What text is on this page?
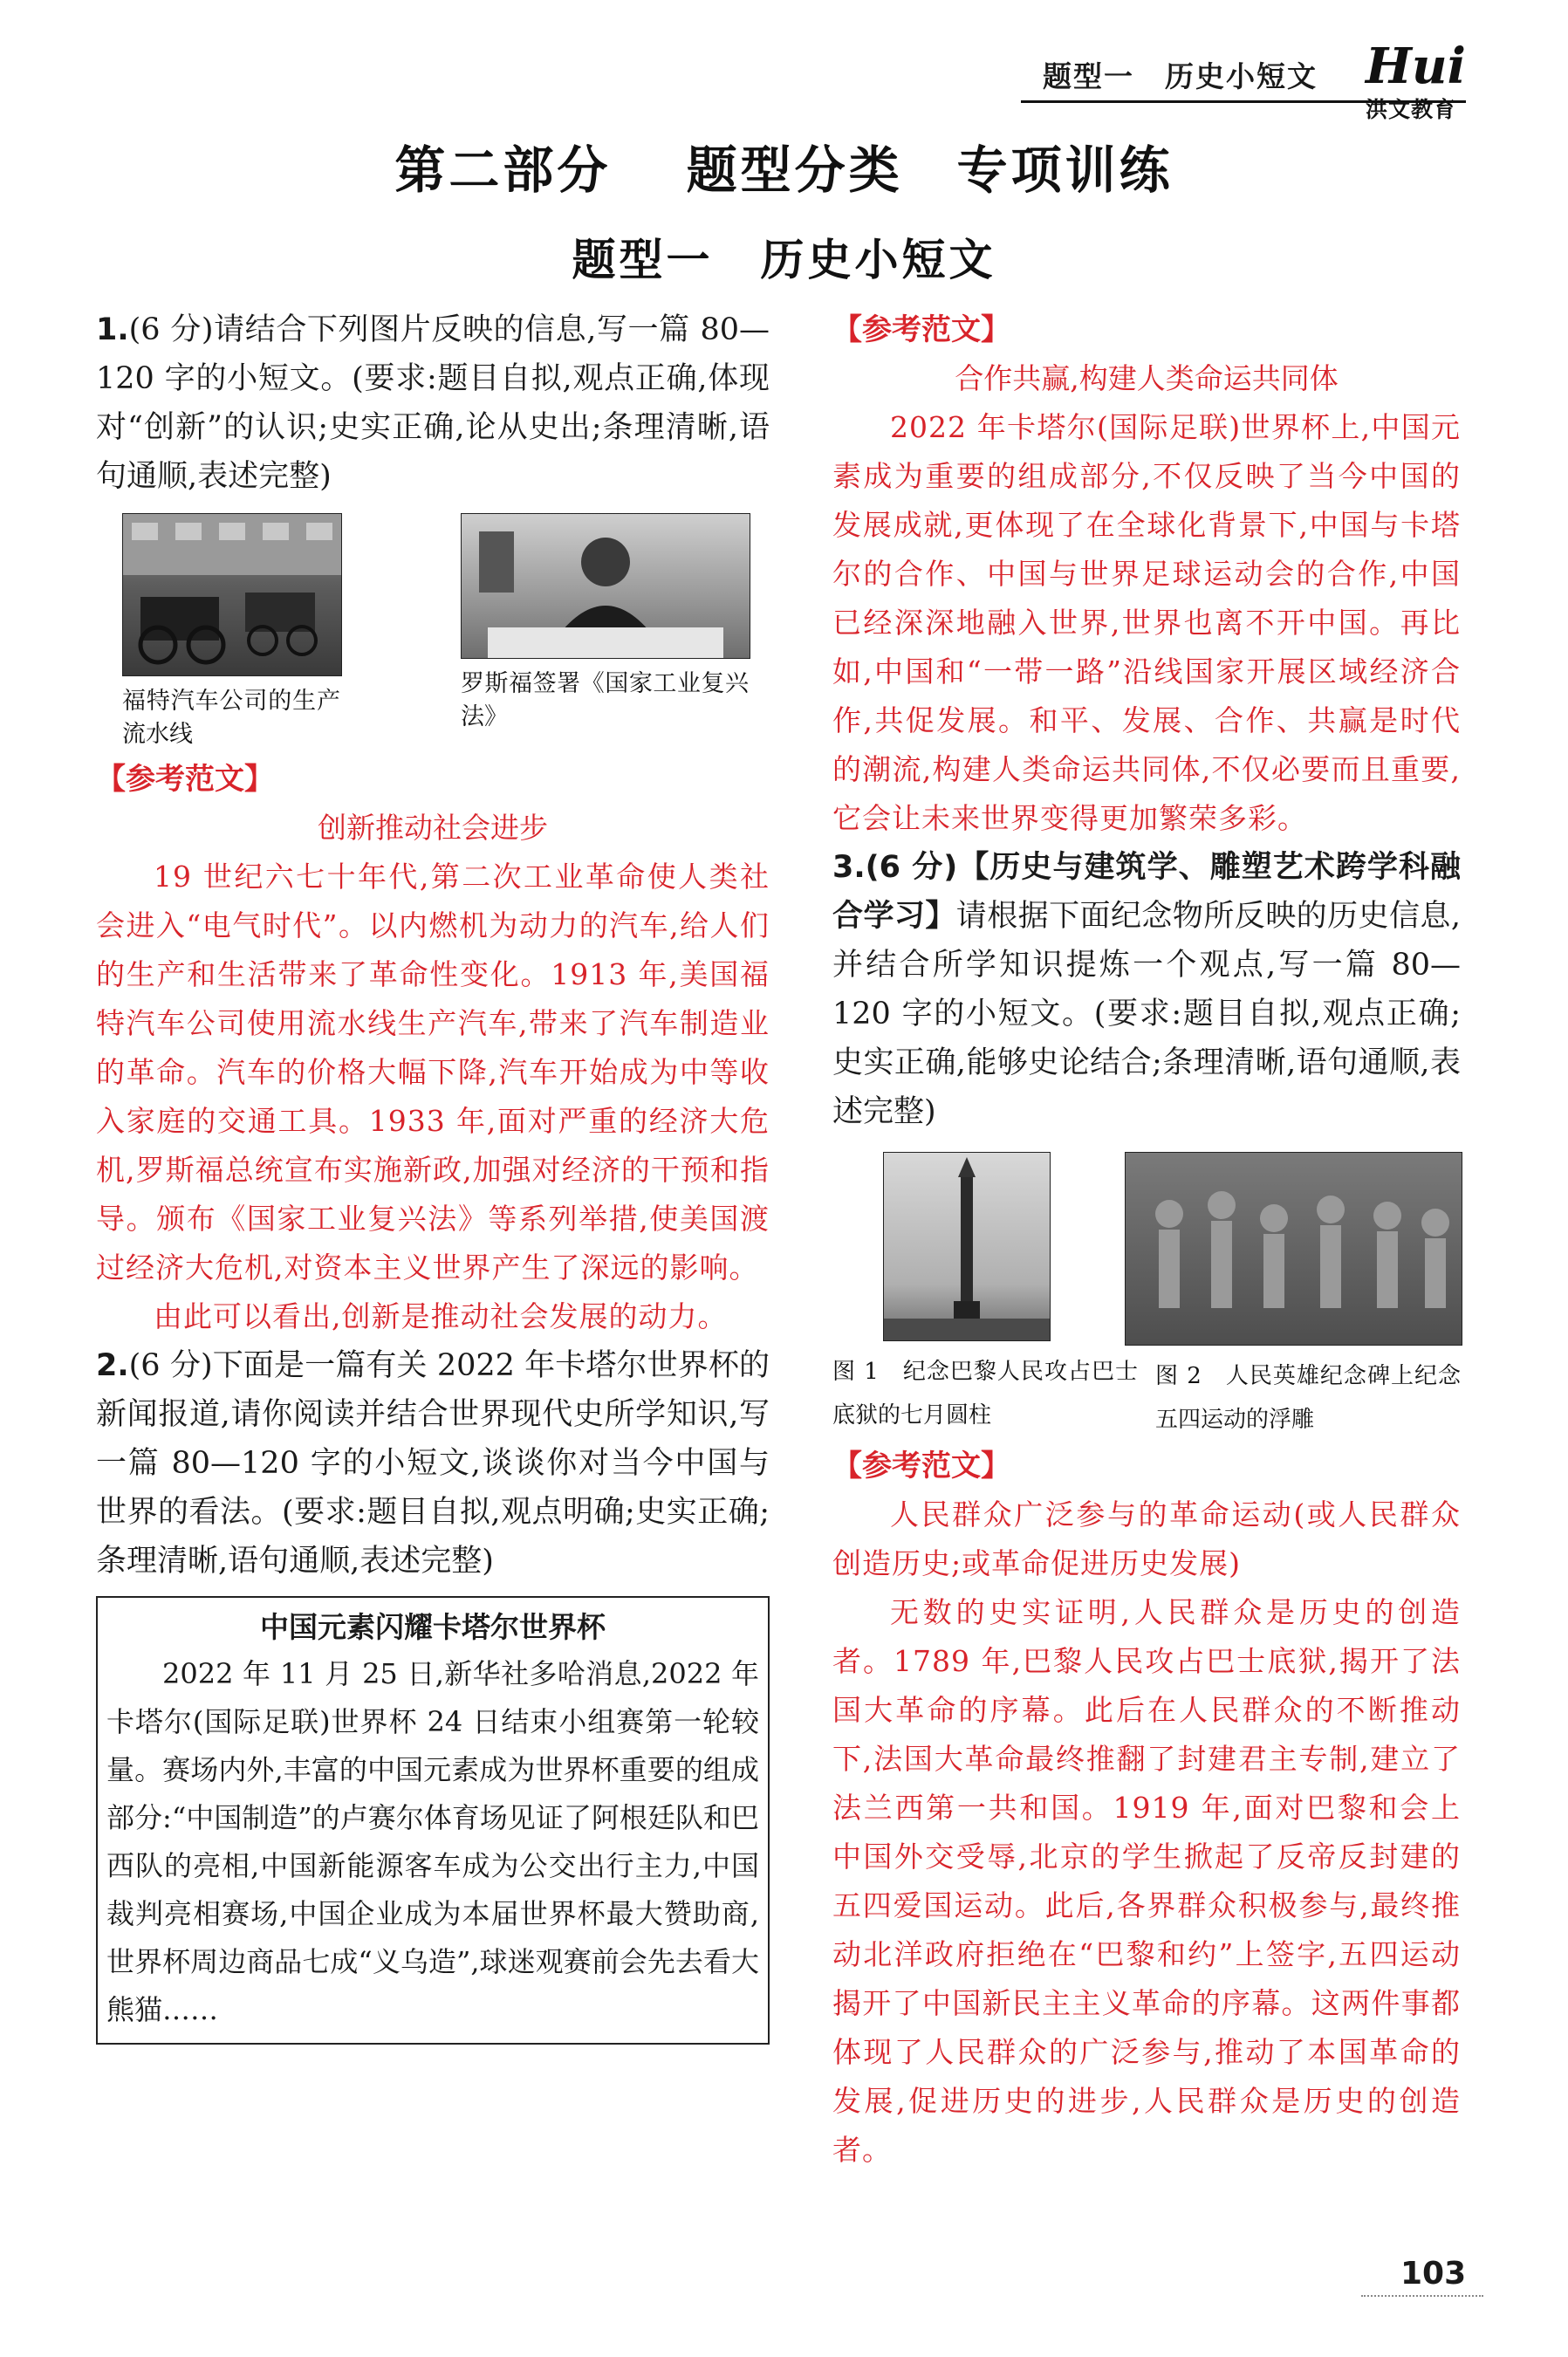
题型一　历史小短文 Hui
洪文教育
第二部分　 题型分类　专项训练
题型一　历史小短文

1.(6 分)请结合下列图片反映的信息,写一篇 80—120 字的小短文。(要求:题目自拟,观点正确,体现对“创新”的认识;史实正确,论从史出;条理清晰,语句通顺,表述完整)

福特汽车公司的生产流水线
罗斯福签署《国家工业复兴法》

【参考范文】

创新推动社会进步

19 世纪六七十年代,第二次工业革命使人类社会进入“电气时代”。以内燃机为动力的汽车,给人们的生产和生活带来了革命性变化。1913 年,美国福特汽车公司使用流水线生产汽车,带来了汽车制造业的革命。汽车的价格大幅下降,汽车开始成为中等收入家庭的交通工具。1933 年,面对严重的经济大危机,罗斯福总统宣布实施新政,加强对经济的干预和指导。颁布《国家工业复兴法》等系列举措,使美国渡过经济大危机,对资本主义世界产生了深远的影响。

由此可以看出,创新是推动社会发展的动力。

2.(6 分)下面是一篇有关 2022 年卡塔尔世界杯的新闻报道,请你阅读并结合世界现代史所学知识,写一篇 80—120 字的小短文,谈谈你对当今中国与世界的看法。(要求:题目自拟,观点明确;史实正确;条理清晰,语句通顺,表述完整)

中国元素闪耀卡塔尔世界杯

2022 年 11 月 25 日,新华社多哈消息,2022 年卡塔尔(国际足联)世界杯 24 日结束小组赛第一轮较量。赛场内外,丰富的中国元素成为世界杯重要的组成部分:“中国制造”的卢赛尔体育场见证了阿根廷队和巴西队的亮相,中国新能源客车成为公交出行主力,中国裁判亮相赛场,中国企业成为本届世界杯最大赞助商,世界杯周边商品七成“义乌造”,球迷观赛前会先去看大熊猫……

【参考范文】

合作共赢,构建人类命运共同体

2022 年卡塔尔(国际足联)世界杯上,中国元素成为重要的组成部分,不仅反映了当今中国的发展成就,更体现了在全球化背景下,中国与卡塔尔的合作、中国与世界足球运动会的合作,中国已经深深地融入世界,世界也离不开中国。再比如,中国和“一带一路”沿线国家开展区域经济合作,共促发展。和平、发展、合作、共赢是时代的潮流,构建人类命运共同体,不仅必要而且重要,它会让未来世界变得更加繁荣多彩。

3.(6 分)【历史与建筑学、雕塑艺术跨学科融合学习】请根据下面纪念物所反映的历史信息,并结合所学知识提炼一个观点,写一篇 80—120 字的小短文。(要求:题目自拟,观点正确;史实正确,能够史论结合;条理清晰,语句通顺,表述完整)

图 1　纪念巴黎人民攻占巴士底狱的七月圆柱
图 2　人民英雄纪念碑上纪念五四运动的浮雕

【参考范文】

人民群众广泛参与的革命运动(或人民群众创造历史;或革命促进历史发展)

无数的史实证明,人民群众是历史的创造者。1789 年,巴黎人民攻占巴士底狱,揭开了法国大革命的序幕。此后在人民群众的不断推动下,法国大革命最终推翻了封建君主专制,建立了法兰西第一共和国。1919 年,面对巴黎和会上中国外交受辱,北京的学生掀起了反帝反封建的五四爱国运动。此后,各界群众积极参与,最终推动北洋政府拒绝在“巴黎和约”上签字,五四运动揭开了中国新民主主义革命的序幕。这两件事都体现了人民群众的广泛参与,推动了本国革命的发展,促进历史的进步,人民群众是历史的创造者。

103
